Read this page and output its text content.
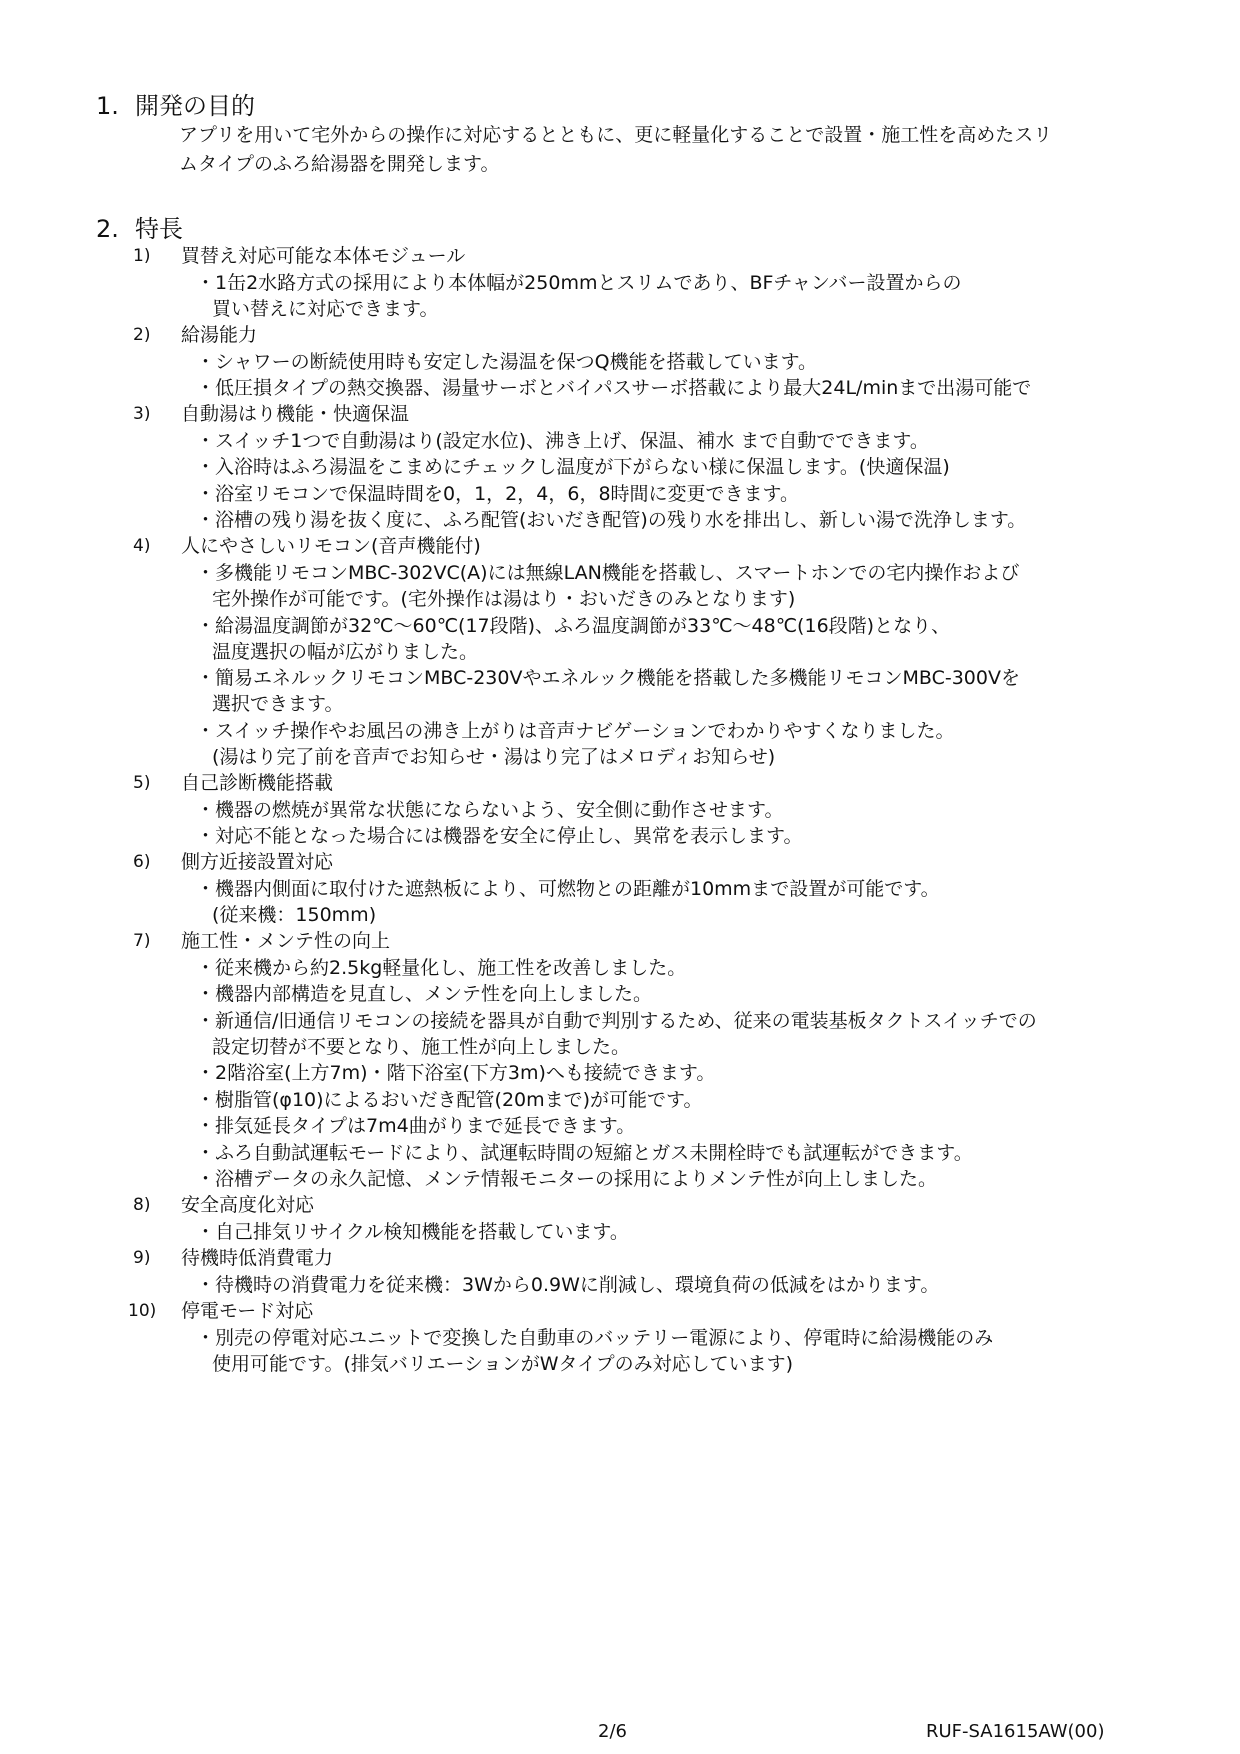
1. 開発の目的
アプリを用いて宅外からの操作に対応するとともに、更に軽量化することで設置・施工性を高めたスリ
ムタイプのふろ給湯器を開発します。
2. 特長
1) 買替え対応可能な本体モジュール
・1缶2水路方式の採用により本体幅が250mmとスリムであり、BFチャンバー設置からの
買い替えに対応できます。
2) 給湯能力
・シャワーの断続使用時も安定した湯温を保つQ機能を搭載しています。
・低圧損タイプの熱交換器、湯量サーボとバイパスサーボ搭載により最大24L/minまで出湯可能で
3) 自動湯はり機能・快適保温
・スイッチ1つで自動湯はり(設定水位)、沸き上げ、保温、補水 まで自動でできます。
・入浴時はふろ湯温をこまめにチェックし温度が下がらない様に保温します。(快適保温)
・浴室リモコンで保温時間を0，1，2，4，6，8時間に変更できます。
・浴槽の残り湯を抜く度に、ふろ配管(おいだき配管)の残り水を排出し、新しい湯で洗浄します。
4) 人にやさしいリモコン(音声機能付)
・多機能リモコンMBC-302VC(A)には無線LAN機能を搭載し、スマートホンでの宅内操作および
宅外操作が可能です。(宅外操作は湯はり・おいだきのみとなります)
・給湯温度調節が32℃～60℃(17段階)、ふろ温度調節が33℃～48℃(16段階)となり、
温度選択の幅が広がりました。
・簡易エネルックリモコンMBC-230Vやエネルック機能を搭載した多機能リモコンMBC-300Vを
選択できます。
・スイッチ操作やお風呂の沸き上がりは音声ナビゲーションでわかりやすくなりました。
(湯はり完了前を音声でお知らせ・湯はり完了はメロディお知らせ)
5) 自己診断機能搭載
・機器の燃焼が異常な状態にならないよう、安全側に動作させます。
・対応不能となった場合には機器を安全に停止し、異常を表示します。
6) 側方近接設置対応
・機器内側面に取付けた遮熱板により、可燃物との距離が10mmまで設置が可能です。
(従来機：150mm)
7) 施工性・メンテ性の向上
・従来機から約2.5kg軽量化し、施工性を改善しました。
・機器内部構造を見直し、メンテ性を向上しました。
・新通信/旧通信リモコンの接続を器具が自動で判別するため、従来の電装基板タクトスイッチでの
設定切替が不要となり、施工性が向上しました。
・2階浴室(上方7m)・階下浴室(下方3m)へも接続できます。
・樹脂管(φ10)によるおいだき配管(20mまで)が可能です。
・排気延長タイプは7m4曲がりまで延長できます。
・ふろ自動試運転モードにより、試運転時間の短縮とガス未開栓時でも試運転ができます。
・浴槽データの永久記憶、メンテ情報モニターの採用によりメンテ性が向上しました。
8) 安全高度化対応
・自己排気リサイクル検知機能を搭載しています。
9) 待機時低消費電力
・待機時の消費電力を従来機：3Wから0.9Wに削減し、環境負荷の低減をはかります。
10) 停電モード対応
・別売の停電対応ユニットで変換した自動車のバッテリー電源により、停電時に給湯機能のみ
使用可能です。(排気バリエーションがWタイプのみ対応しています)
2/6	RUF-SA1615AW(00)
